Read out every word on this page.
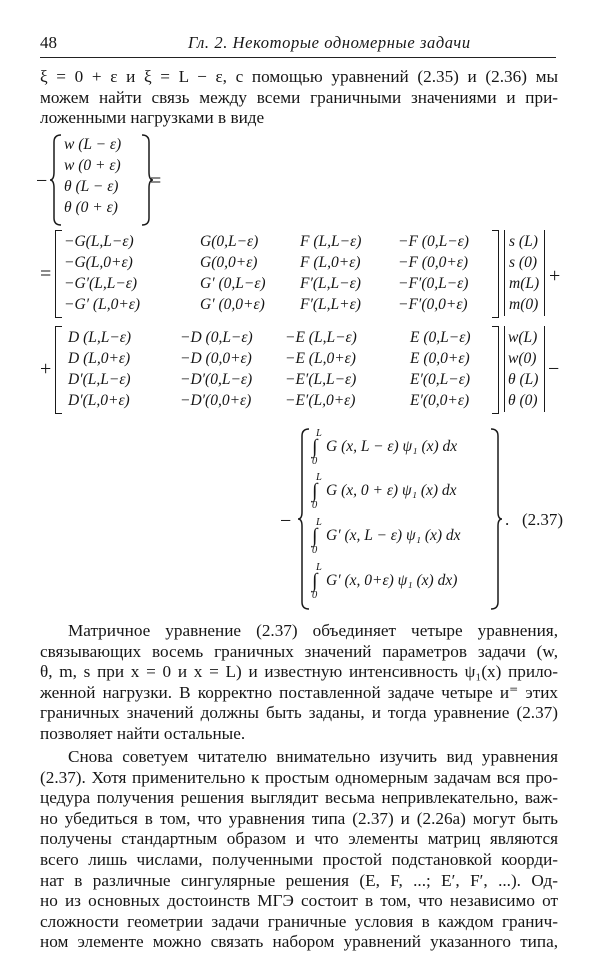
48	Гл. 2. Некоторые одномерные задачи

ξ = 0 + ε и ξ = L − ε, с помощью уравнений (2.35) и (2.36) мы

можем найти связь между всеми граничными значениями и при-

ложенными нагрузками в виде

−
w (L − ε)
w (0 + ε)
θ (L − ε)
θ (0 + ε)
=
=
−G(L,L−ε)	G(0,L−ε)	F (L,L−ε) −F (0,L−ε)
−G(L,0+ε)	G(0,0+ε)	F (L,0+ε) −F (0,0+ε)
−G′(L,L−ε)	G′ (0,L−ε) F′(L,L−ε) −F′(0,L−ε)
−G′ (L,0+ε)	G′ (0,0+ε) F′(L,L+ε) −F′(0,0+ε)
s (L)
s (0)
m(L)
m(0)
+
+
D (L,L−ε)	−D (0,L−ε) −E (L,L−ε)	E (0,L−ε)
D (L,0+ε)	−D (0,0+ε) −E (L,0+ε)	E (0,0+ε)
D′(L,L−ε)	−D′(0,L−ε) −E′(L,L−ε)	E′(0,L−ε)
D′(L,0+ε)	−D′(0,0+ε) −E′(L,0+ε)	E′(0,0+ε)
w(L)
w(0)
θ (L)
θ (0)
−
−
L
∫
0
G (x, L − ε) ψ₁ (x) dx
L
∫
0
G (x, 0 + ε) ψ₁ (x) dx
L
∫
0
G′ (x, L − ε) ψ₁ (x) dx
L
∫
0
G′ (x, 0+ε) ψ₁ (x) dx)
. (2.37)

Матричное уравнение (2.37) объединяет четыре уравнения,

связывающих восемь граничных значений параметров задачи (w,

θ, m, s при x = 0 и x = L) и известную интенсивность ψ₁(x) прило-

женной нагрузки. В корректно поставленной задаче четыре и⁼ этих

граничных значений должны быть заданы, и тогда уравнение (2.37)

позволяет найти остальные.

Снова советуем читателю внимательно изучить вид уравнения

(2.37). Хотя применительно к простым одномерным задачам вся про-

цедура получения решения выглядит весьма непривлекательно, важ-

но убедиться в том, что уравнения типа (2.37) и (2.26a) могут быть

получены стандартным образом и что элементы матриц являются

всего лишь числами, полученными простой подстановкой коорди-

нат в различные сингулярные решения (E, F, ...; E′, F′, ...). Од-

но из основных достоинств МГЭ состоит в том, что независимо от

сложности геометрии задачи граничные условия в каждом гранич-

ном элементе можно связать набором уравнений указанного типа,
